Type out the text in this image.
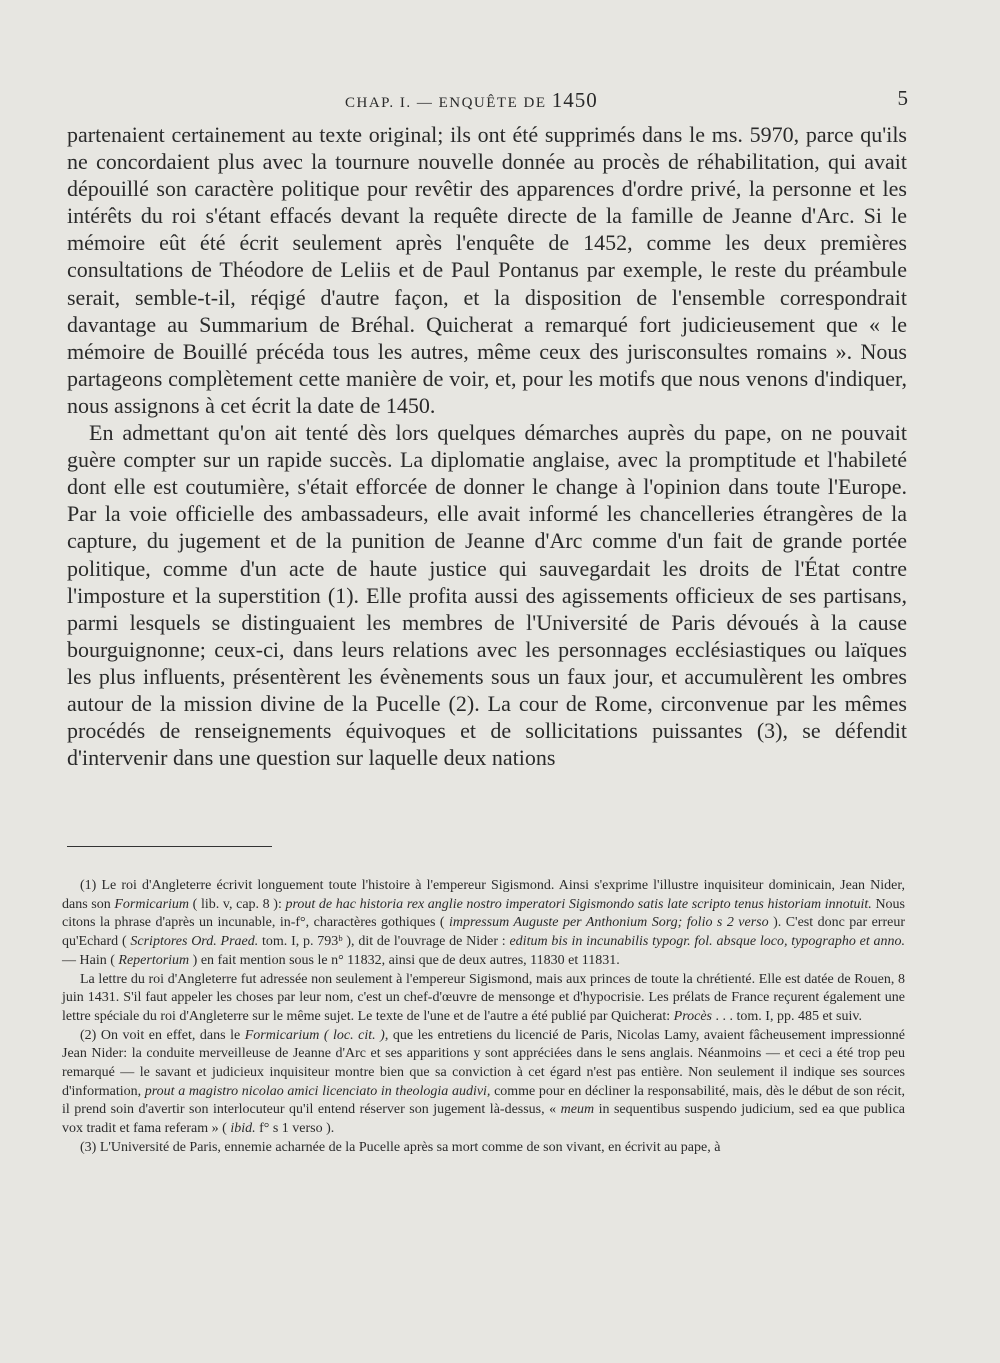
CHAP. I. — ENQUÊTE DE 1450	5

partenaient certainement au texte original; ils ont été supprimés dans le ms. 5970, parce qu'ils ne concordaient plus avec la tournure nouvelle donnée au procès de réhabilitation, qui avait dépouillé son caractère politique pour revêtir des apparences d'ordre privé, la personne et les intérêts du roi s'étant effacés devant la requête directe de la famille de Jeanne d'Arc. Si le mémoire eût été écrit seulement après l'enquête de 1452, comme les deux premières consultations de Théodore de Leliis et de Paul Pontanus par exemple, le reste du préambule serait, semble-t-il, réqigé d'autre façon, et la disposition de l'ensemble correspondrait davantage au Summarium de Bréhal. Quicherat a remarqué fort judicieusement que « le mémoire de Bouillé précéda tous les autres, même ceux des jurisconsultes romains ». Nous partageons complètement cette manière de voir, et, pour les motifs que nous venons d'indiquer, nous assignons à cet écrit la date de 1450.

En admettant qu'on ait tenté dès lors quelques démarches auprès du pape, on ne pouvait guère compter sur un rapide succès. La diplomatie anglaise, avec la promptitude et l'habileté dont elle est coutumière, s'était efforcée de donner le change à l'opinion dans toute l'Europe. Par la voie officielle des ambassadeurs, elle avait informé les chancelleries étrangères de la capture, du jugement et de la punition de Jeanne d'Arc comme d'un fait de grande portée politique, comme d'un acte de haute justice qui sauvegardait les droits de l'État contre l'imposture et la superstition (1). Elle profita aussi des agissements officieux de ses partisans, parmi lesquels se distinguaient les membres de l'Université de Paris dévoués à la cause bourguignonne; ceux-ci, dans leurs relations avec les personnages ecclésiastiques ou laïques les plus influents, présentèrent les évènements sous un faux jour, et accumulèrent les ombres autour de la mission divine de la Pucelle (2). La cour de Rome, circonvenue par les mêmes procédés de renseignements équivoques et de sollicitations puissantes (3), se défendit d'intervenir dans une question sur laquelle deux nations

(1) Le roi d'Angleterre écrivit longuement toute l'histoire à l'empereur Sigismond. Ainsi s'exprime l'illustre inquisiteur dominicain, Jean Nider, dans son Formicarium ( lib. v, cap. 8 ): prout de hac historia rex anglie nostro imperatori Sigismondo satis late scripto tenus historiam innotuit. Nous citons la phrase d'après un incunable, in-f°, charactères gothiques ( impressum Auguste per Anthonium Sorg; folio s 2 verso ). C'est donc par erreur qu'Echard ( Scriptores Ord. Praed. tom. I, p. 793ᵇ ), dit de l'ouvrage de Nider : editum bis in incunabilis typogr. fol. absque loco, typographo et anno. — Hain ( Repertorium ) en fait mention sous le n° 11832, ainsi que de deux autres, 11830 et 11831.

La lettre du roi d'Angleterre fut adressée non seulement à l'empereur Sigismond, mais aux princes de toute la chrétienté. Elle est datée de Rouen, 8 juin 1431. S'il faut appeler les choses par leur nom, c'est un chef-d'œuvre de mensonge et d'hypocrisie. Les prélats de France reçurent également une lettre spéciale du roi d'Angleterre sur le même sujet. Le texte de l'une et de l'autre a été publié par Quicherat: Procès . . . tom. I, pp. 485 et suiv.

(2) On voit en effet, dans le Formicarium ( loc. cit. ), que les entretiens du licencié de Paris, Nicolas Lamy, avaient fâcheusement impressionné Jean Nider: la conduite merveilleuse de Jeanne d'Arc et ses apparitions y sont appréciées dans le sens anglais. Néanmoins — et ceci a été trop peu remarqué — le savant et judicieux inquisiteur montre bien que sa conviction à cet égard n'est pas entière. Non seulement il indique ses sources d'information, prout a magistro nicolao amici licenciato in theologia audivi, comme pour en décliner la responsabilité, mais, dès le début de son récit, il prend soin d'avertir son interlocuteur qu'il entend réserver son jugement là-dessus, « meum in sequentibus suspendo judicium, sed ea que publica vox tradit et fama referam » ( ibid. f° s 1 verso ).

(3) L'Université de Paris, ennemie acharnée de la Pucelle après sa mort comme de son vivant, en écrivit au pape, à
